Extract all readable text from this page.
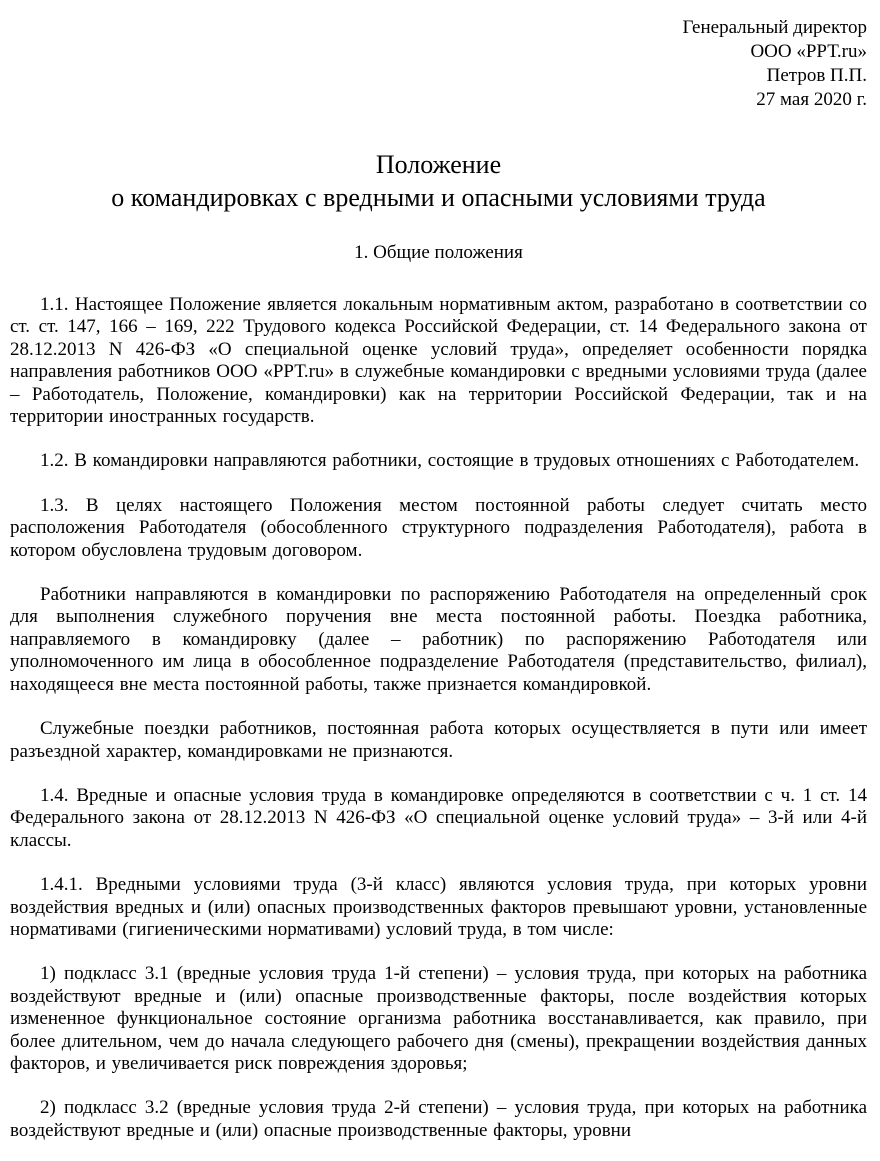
Генеральный директор
ООО «РРТ.ru»
Петров П.П.
27 мая 2020 г.
Положение
о командировках с вредными и опасными условиями труда
1. Общие положения

1.1. Настоящее Положение является локальным нормативным актом, разработано в соответствии со ст. ст. 147, 166 – 169, 222 Трудового кодекса Российской Федерации, ст. 14 Федерального закона от 28.12.2013 N 426-ФЗ «О специальной оценке условий труда», определяет особенности порядка направления работников ООО «РРТ.ru» в служебные командировки с вредными условиями труда (далее – Работодатель, Положение, командировки) как на территории Российской Федерации, так и на территории иностранных государств.

1.2. В командировки направляются работники, состоящие в трудовых отношениях с Работодателем.

1.3. В целях настоящего Положения местом постоянной работы следует считать место расположения Работодателя (обособленного структурного подразделения Работодателя), работа в котором обусловлена трудовым договором.

Работники направляются в командировки по распоряжению Работодателя на определенный срок для выполнения служебного поручения вне места постоянной работы. Поездка работника, направляемого в командировку (далее – работник) по распоряжению Работодателя или уполномоченного им лица в обособленное подразделение Работодателя (представительство, филиал), находящееся вне места постоянной работы, также признается командировкой.

Служебные поездки работников, постоянная работа которых осуществляется в пути или имеет разъездной характер, командировками не признаются.

1.4. Вредные и опасные условия труда в командировке определяются в соответствии с ч. 1 ст. 14 Федерального закона от 28.12.2013 N 426-ФЗ «О специальной оценке условий труда» – 3-й или 4-й классы.

1.4.1. Вредными условиями труда (3-й класс) являются условия труда, при которых уровни воздействия вредных и (или) опасных производственных факторов превышают уровни, установленные нормативами (гигиеническими нормативами) условий труда, в том числе:

1) подкласс 3.1 (вредные условия труда 1-й степени) – условия труда, при которых на работника воздействуют вредные и (или) опасные производственные факторы, после воздействия которых измененное функциональное состояние организма работника восстанавливается, как правило, при более длительном, чем до начала следующего рабочего дня (смены), прекращении воздействия данных факторов, и увеличивается риск повреждения здоровья;

2) подкласс 3.2 (вредные условия труда 2-й степени) – условия труда, при которых на работника воздействуют вредные и (или) опасные производственные факторы, уровни
